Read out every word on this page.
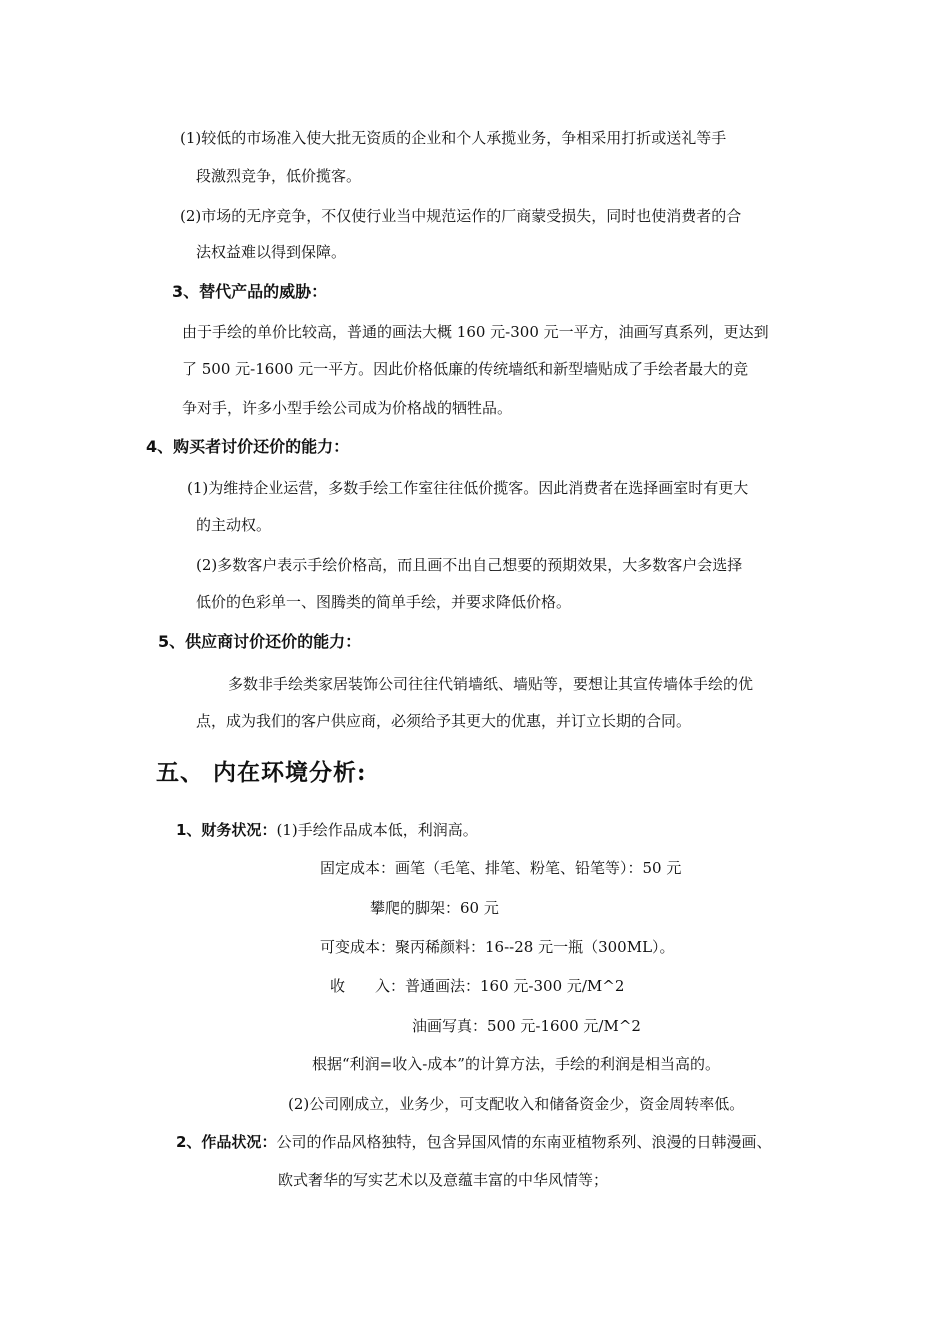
(1)较低的市场准入使大批无资质的企业和个人承揽业务，争相采用打折或送礼等手
段激烈竞争，低价揽客。
(2)市场的无序竞争，不仅使行业当中规范运作的厂商蒙受损失，同时也使消费者的合
法权益难以得到保障。
3、替代产品的威胁：
由于手绘的单价比较高，普通的画法大概 160 元-300 元一平方，油画写真系列，更达到
了 500 元-1600 元一平方。因此价格低廉的传统墙纸和新型墙贴成了手绘者最大的竞
争对手，许多小型手绘公司成为价格战的牺牲品。
4、购买者讨价还价的能力：
(1)为维持企业运营，多数手绘工作室往往低价揽客。因此消费者在选择画室时有更大
的主动权。
(2)多数客户表示手绘价格高，而且画不出自己想要的预期效果，大多数客户会选择
低价的色彩单一、图腾类的简单手绘，并要求降低价格。
5、供应商讨价还价的能力：
多数非手绘类家居装饰公司往往代销墙纸、墙贴等，要想让其宣传墙体手绘的优
点，成为我们的客户供应商，必须给予其更大的优惠，并订立长期的合同。
五、 内在环境分析:
1、财务状况：(1)手绘作品成本低，利润高。
固定成本：画笔（毛笔、排笔、粉笔、铅笔等）：50 元
攀爬的脚架：60 元
可变成本：聚丙稀颜料：16--28 元一瓶（300ML）。
收　　入：普通画法：160 元-300 元/M^2
油画写真：500 元-1600 元/M^2
根据“利润=收入-成本”的计算方法，手绘的利润是相当高的。
(2)公司刚成立，业务少，可支配收入和储备资金少，资金周转率低。
2、作品状况：公司的作品风格独特，包含异国风情的东南亚植物系列、浪漫的日韩漫画、
欧式奢华的写实艺术以及意蕴丰富的中华风情等；
